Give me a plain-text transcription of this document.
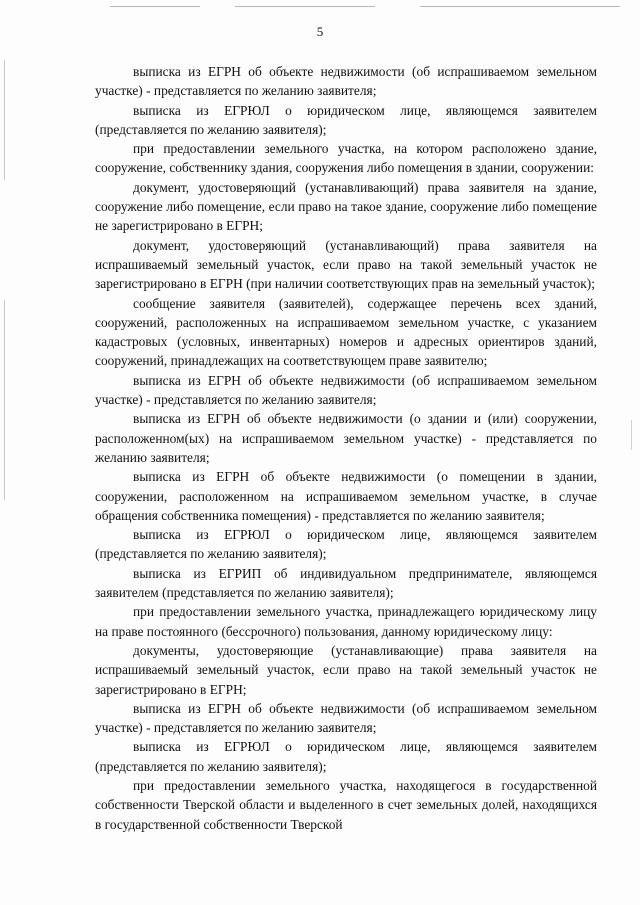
5

выписка из ЕГРН об объекте недвижимости (об испрашиваемом земельном участке) - представляется по желанию заявителя;

выписка из ЕГРЮЛ о юридическом лице, являющемся заявителем (представляется по желанию заявителя);

при предоставлении земельного участка, на котором расположено здание, сооружение, собственнику здания, сооружения либо помещения в здании, сооружении:

документ, удостоверяющий (устанавливающий) права заявителя на здание, сооружение либо помещение, если право на такое здание, сооружение либо помещение не зарегистрировано в ЕГРН;

документ, удостоверяющий (устанавливающий) права заявителя на испрашиваемый земельный участок, если право на такой земельный участок не зарегистрировано в ЕГРН (при наличии соответствующих прав на земельный участок);

сообщение заявителя (заявителей), содержащее перечень всех зданий, сооружений, расположенных на испрашиваемом земельном участке, с указанием кадастровых (условных, инвентарных) номеров и адресных ориентиров зданий, сооружений, принадлежащих на соответствующем праве заявителю;

выписка из ЕГРН об объекте недвижимости (об испрашиваемом земельном участке) - представляется по желанию заявителя;

выписка из ЕГРН об объекте недвижимости (о здании и (или) сооружении, расположенном(ых) на испрашиваемом земельном участке) - представляется по желанию заявителя;

выписка из ЕГРН об объекте недвижимости (о помещении в здании, сооружении, расположенном на испрашиваемом земельном участке, в случае обращения собственника помещения) - представляется по желанию заявителя;

выписка из ЕГРЮЛ о юридическом лице, являющемся заявителем (представляется по желанию заявителя);

выписка из ЕГРИП об индивидуальном предпринимателе, являющемся заявителем (представляется по желанию заявителя);

при предоставлении земельного участка, принадлежащего юридическому лицу на праве постоянного (бессрочного) пользования, данному юридическому лицу:

документы, удостоверяющие (устанавливающие) права заявителя на испрашиваемый земельный участок, если право на такой земельный участок не зарегистрировано в ЕГРН;

выписка из ЕГРН об объекте недвижимости (об испрашиваемом земельном участке) - представляется по желанию заявителя;

выписка из ЕГРЮЛ о юридическом лице, являющемся заявителем (представляется по желанию заявителя);

при предоставлении земельного участка, находящегося в государственной собственности Тверской области и выделенного в счет земельных долей, находящихся в государственной собственности Тверской
